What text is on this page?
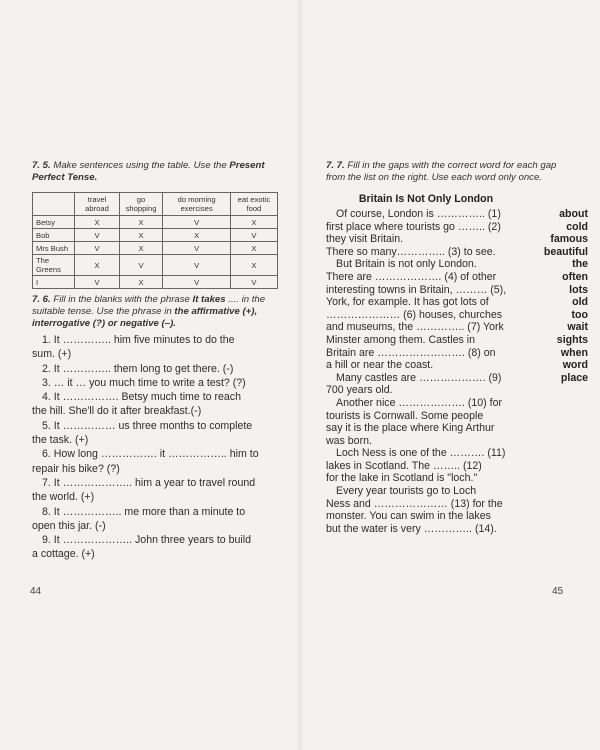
7. 5. Make sentences using the table. Use the Present Perfect Tense.
	travel abroad	go shopping	do morning exercises	eat exotic food
Betsy	X	X	V	X
Bob	V	X	X	V
Mrs Bush	V	X	V	X
The Greens	X	V	V	X
I	V	X	V	V
7. 6. Fill in the blanks with the phrase It takes .... in the suitable tense. Use the phrase in the affirmative (+), interrogative (?) or negative (–).
1. It ………….. him five minutes to do the
sum. (+)
2. It ………….. them long to get there. (-)
3. … it … you much time to write a test? (?)
4. It ……………. Betsy much time to reach
the hill. She'll do it after breakfast.(-)
5. It …………… us three months to complete
the task. (+)
6. How long ……………. it …………….. him to
repair his bike? (?)
7. It ……………….. him a year to travel round
the world. (+)
8. It …………….. me more than a minute to
open this jar. (-)
9. It ……………….. John three years to build
a cottage. (+)
44
7. 7. Fill in the gaps with the correct word for each gap from the list on the right. Use each word only once.
Britain Is Not Only London
Of course, London is ………….. (1)
first place where tourists go …….. (2)
they visit Britain.
There so many………….. (3) to see.
But Britain is not only London.
There are ………………. (4) of other
interesting towns in Britain, ……… (5),
York, for example. It has got lots of
………………… (6) houses, churches
and museums, the ………….. (7) York
Minster among them. Castles in
Britain are ……………………. (8) on
a hill or near the coast.
Many castles are ………………. (9)
700 years old.
Another nice ………………. (10) for
tourists is Cornwall. Some people
say it is the place where King Arthur
was born.
Loch Ness is one of the ………. (11)
lakes in Scotland. The …….. (12)
for the lake in Scotland is "loch."
Every year tourists go to Loch
Ness and ………………… (13) for the
monster. You can swim in the lakes
but the water is very ………….. (14).
about
cold
famous
beautiful
the
often
lots
old
too
wait
sights
when
word
place
45
